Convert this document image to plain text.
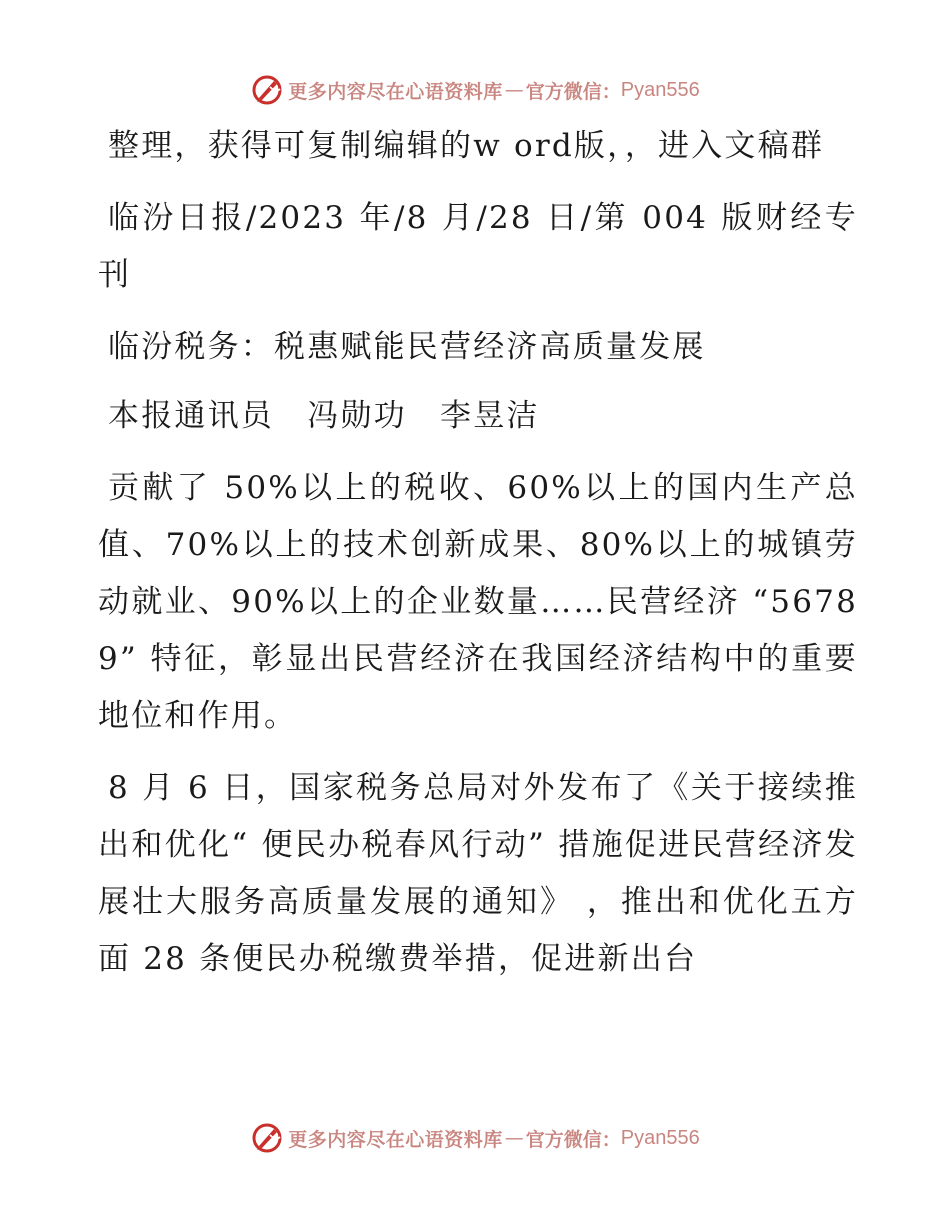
更多内容尽在心语资料库 — 官方微信： Pyan556

整理，获得可复制编辑的w ord版，，进入文稿群

临汾日报/2023 年/8 月/28 日/第 004 版财经专刊

临汾税务：税惠赋能民营经济高质量发展

本报通讯员　冯勋功　李昱洁

贡献了 50%以上的税收、60%以上的国内生产总值、70%以上的技术创新成果、80%以上的城镇劳动就业、90%以上的企业数量……民营经济 “56789” 特征，彰显出民营经济在我国经济结构中的重要地位和作用。

8 月 6 日，国家税务总局对外发布了《关于接续推出和优化“ 便民办税春风行动” 措施促进民营经济发展壮大服务高质量发展的通知》 ，推出和优化五方面 28 条便民办税缴费举措，促进新出台

更多内容尽在心语资料库 — 官方微信： Pyan556
